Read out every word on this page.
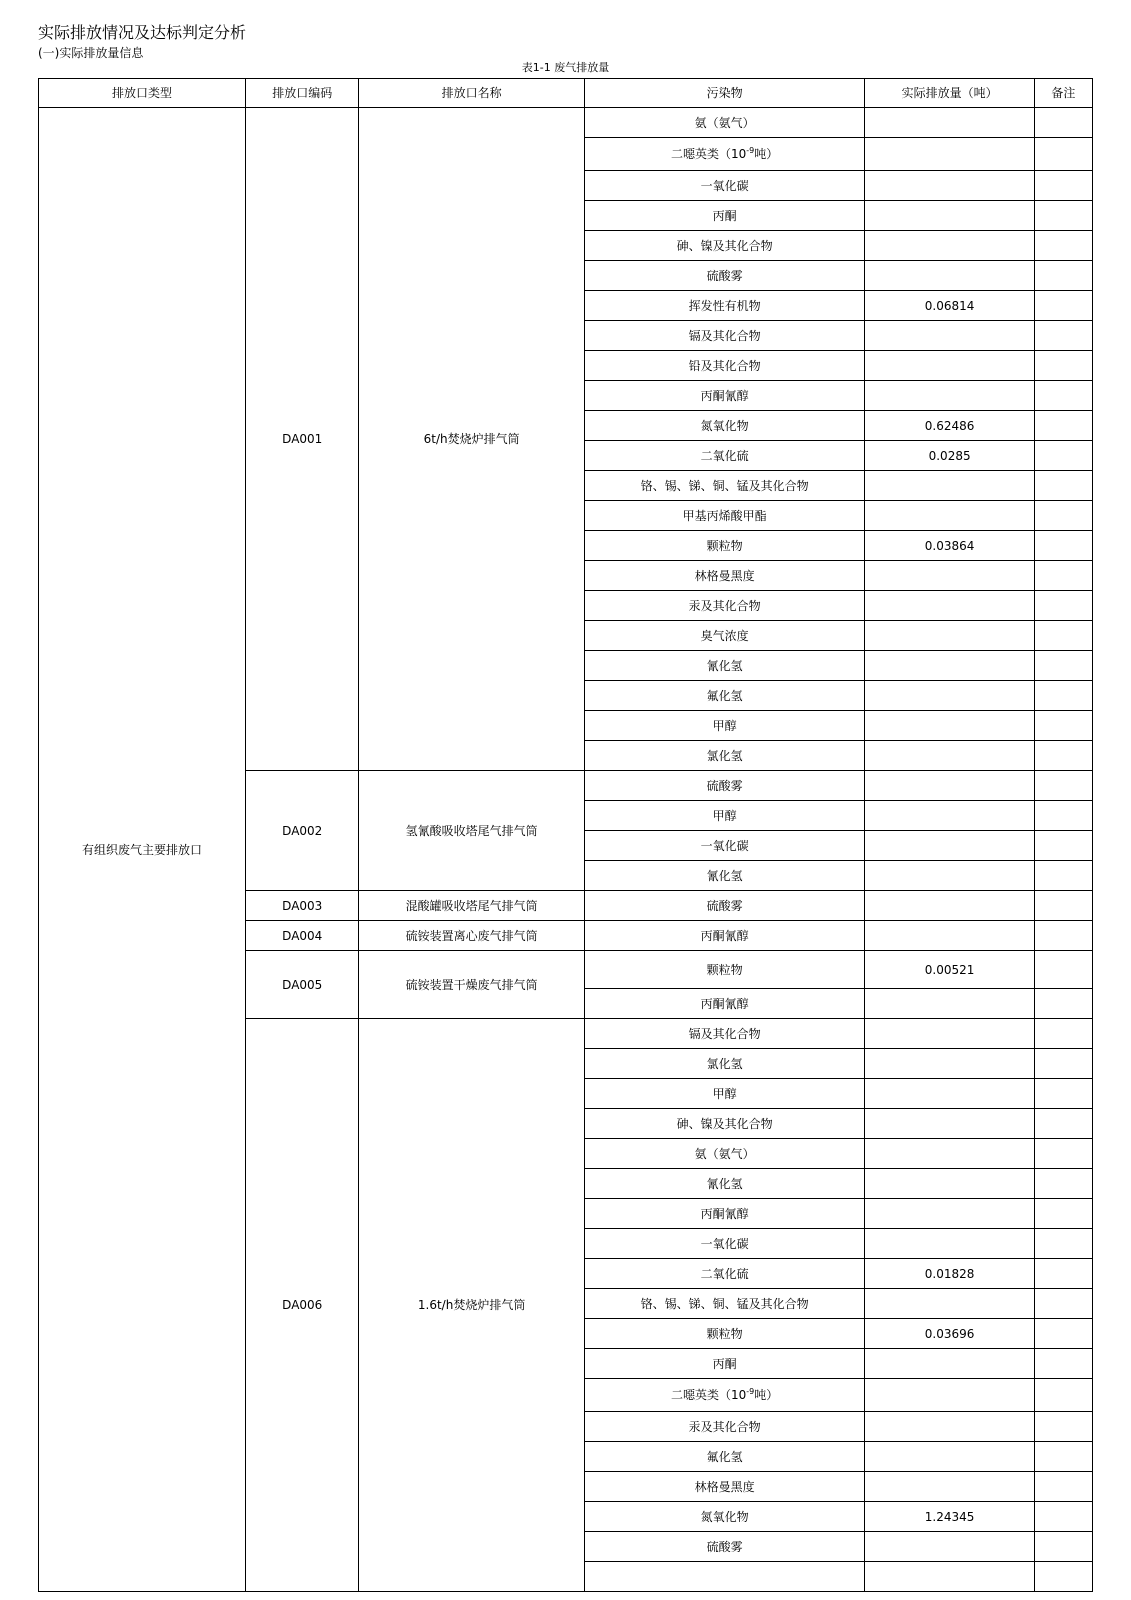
实际排放情况及达标判定分析
(一)实际排放量信息
表1-1 废气排放量
排放口类型	排放口编码	排放口名称	污染物	实际排放量（吨）	备注
有组织废气主要排放口	DA001	6t/h焚烧炉排气筒	氨（氨气）		
			二噁英类（$10^{-9}$吨）		
			一氧化碳		
			丙酮		
			砷、镍及其化合物		
			硫酸雾		
			挥发性有机物	0.06814	
			镉及其化合物		
			铅及其化合物		
			丙酮氰醇		
			氮氧化物	0.62486	
			二氧化硫	0.0285	
			铬、锡、锑、铜、锰及其化合物		
			甲基丙烯酸甲酯		
			颗粒物	0.03864	
			林格曼黑度		
			汞及其化合物		
			臭气浓度		
			氰化氢		
			氟化氢		
			甲醇		
			氯化氢		
	DA002	氢氰酸吸收塔尾气排气筒	硫酸雾		
			甲醇		
			一氧化碳		
			氰化氢		
	DA003	混酸罐吸收塔尾气排气筒	硫酸雾		
	DA004	硫铵装置离心废气排气筒	丙酮氰醇		
	DA005	硫铵装置干燥废气排气筒	颗粒物	0.00521	
			丙酮氰醇		
	DA006	1.6t/h焚烧炉排气筒	镉及其化合物		
			氯化氢		
			甲醇		
			砷、镍及其化合物		
			氨（氨气）		
			氰化氢		
			丙酮氰醇		
			一氧化碳		
			二氧化硫	0.01828	
			铬、锡、锑、铜、锰及其化合物		
			颗粒物	0.03696	
			丙酮		
			二噁英类（$10^{-9}$吨）		
			汞及其化合物		
			氟化氢		
			林格曼黑度		
			氮氧化物	1.24345	
			硫酸雾		
